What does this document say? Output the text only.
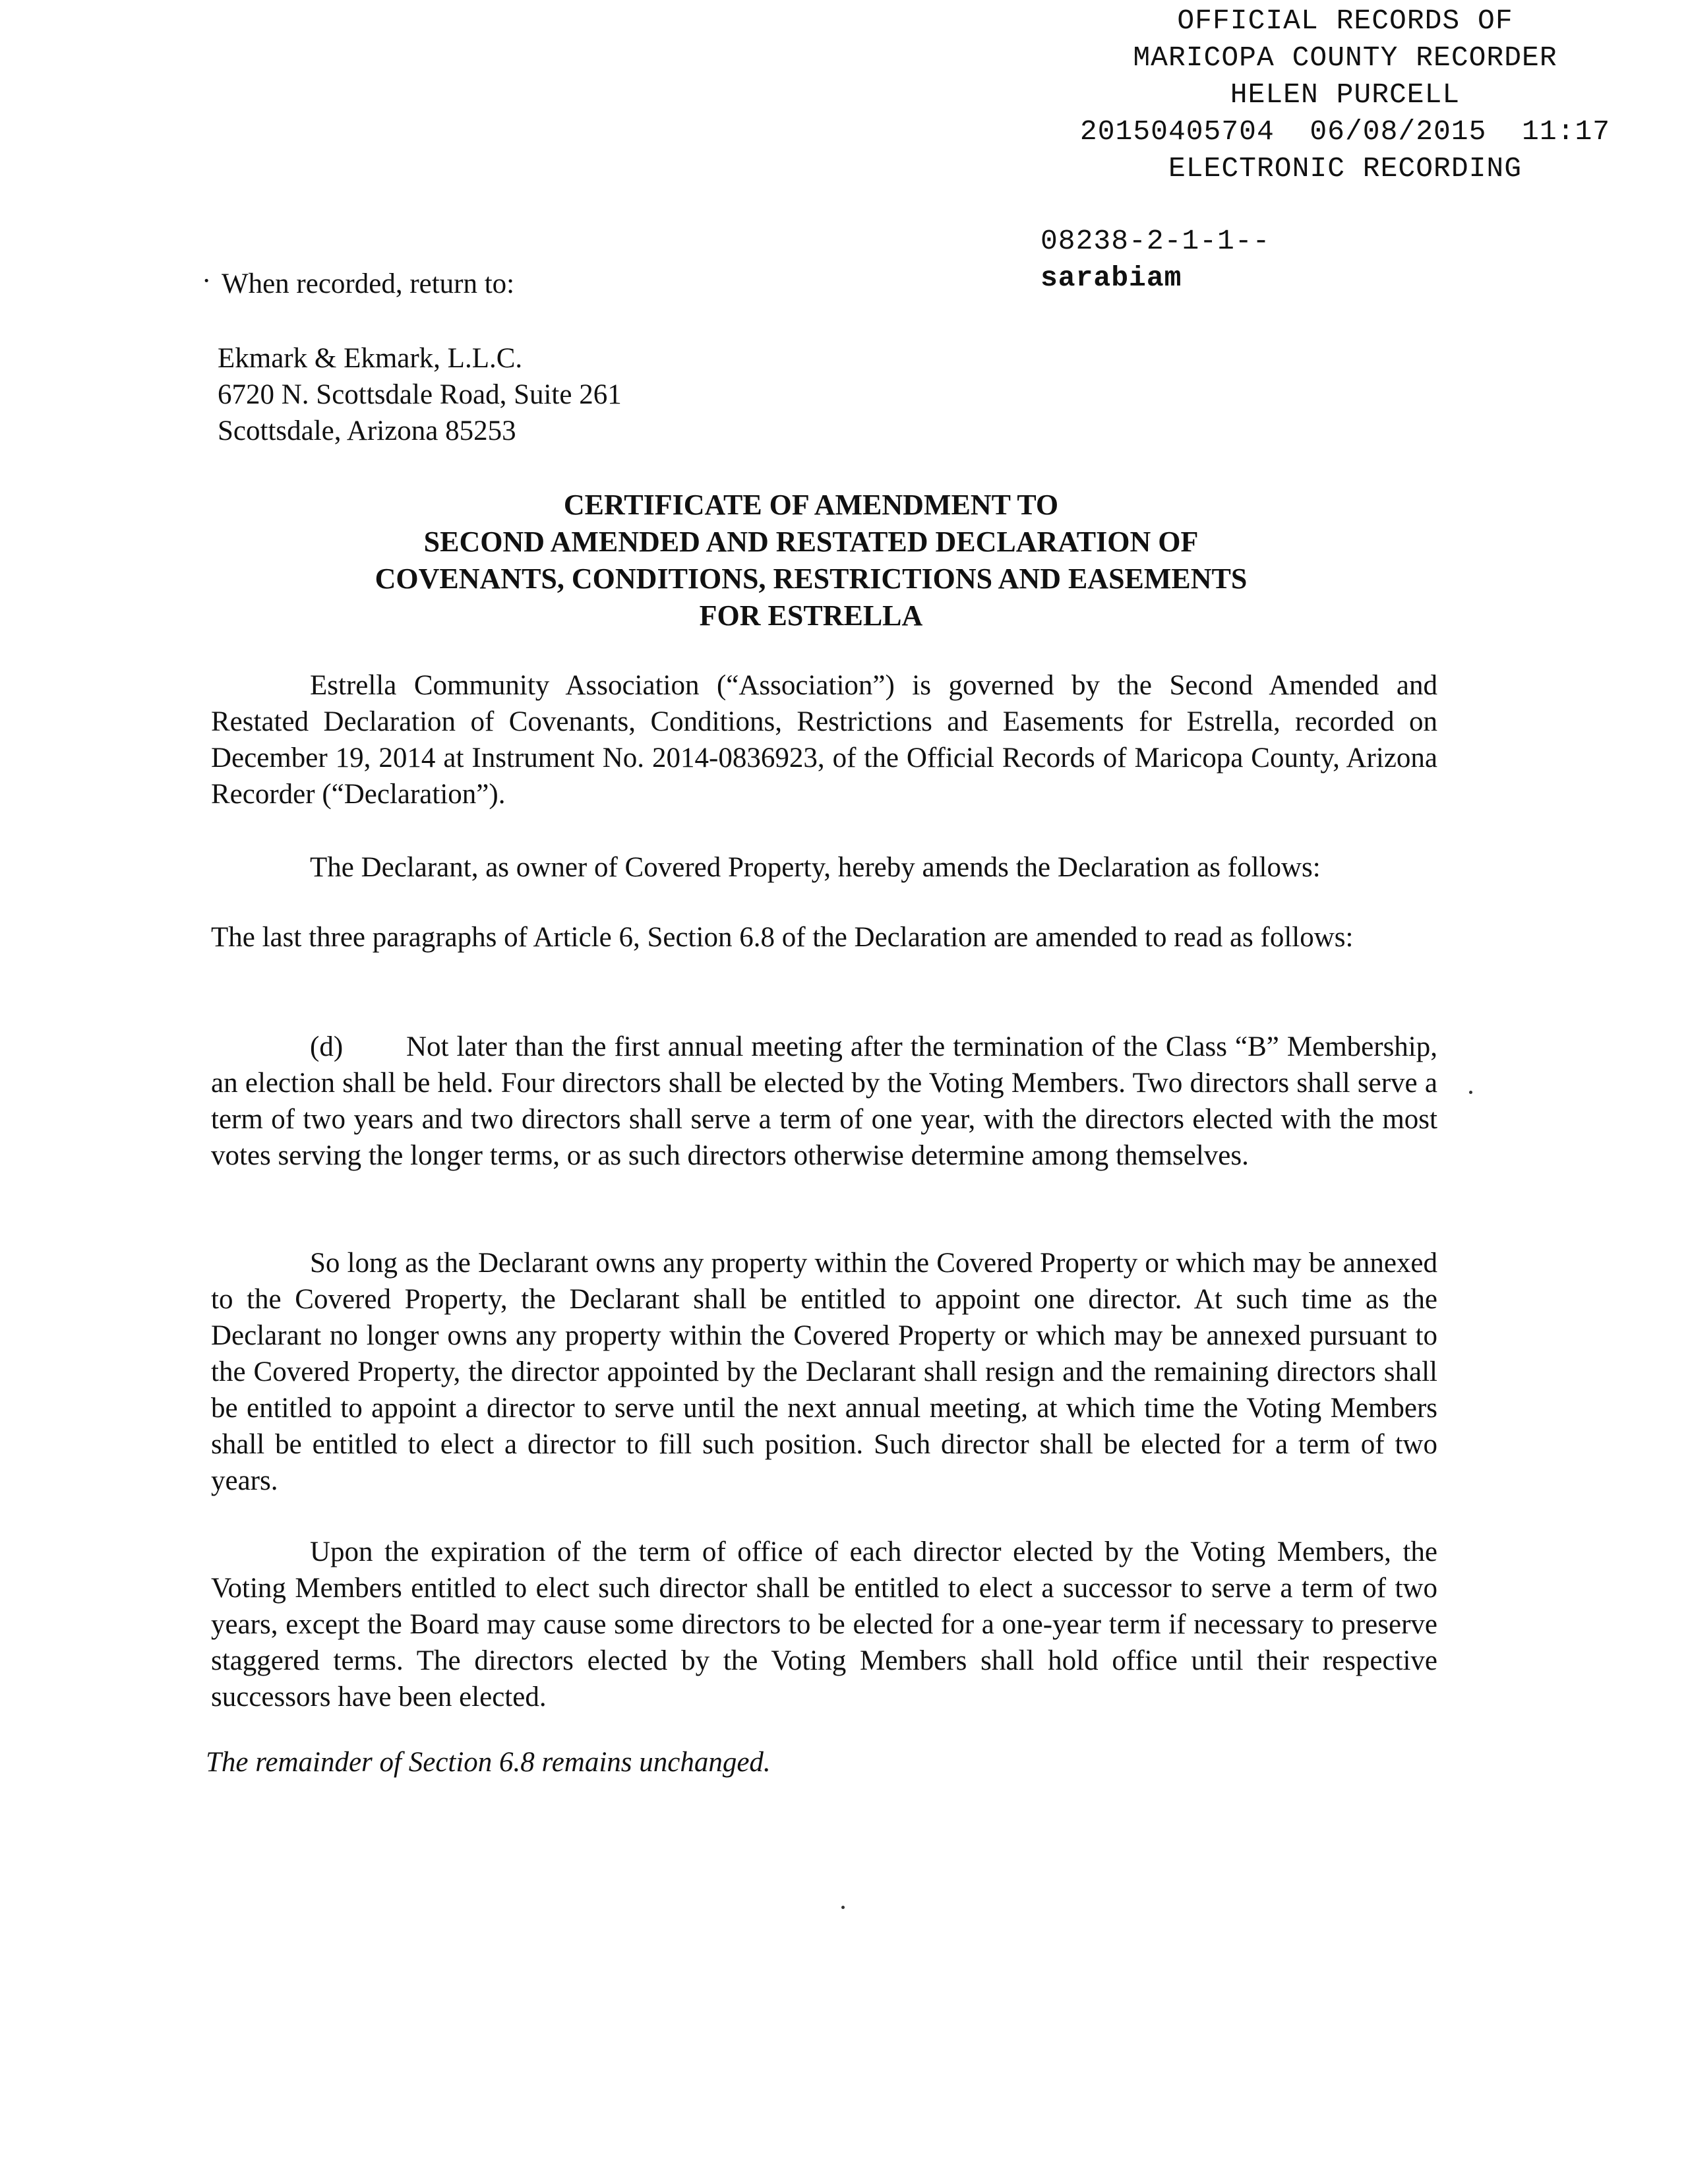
OFFICIAL RECORDS OF
MARICOPA COUNTY RECORDER
HELEN PURCELL
20150405704  06/08/2015  11:17
ELECTRONIC RECORDING
08238-2-1-1--
sarabiam
· When recorded, return to:
Ekmark & Ekmark, L.L.C.
6720 N. Scottsdale Road, Suite 261
Scottsdale, Arizona 85253
CERTIFICATE OF AMENDMENT TO
SECOND AMENDED AND RESTATED DECLARATION OF
COVENANTS, CONDITIONS, RESTRICTIONS AND EASEMENTS
FOR ESTRELLA
Estrella Community Association (“Association”) is governed by the Second Amended and Restated Declaration of Covenants, Conditions, Restrictions and Easements for Estrella, recorded on December 19, 2014 at Instrument No. 2014-0836923, of the Official Records of Maricopa County, Arizona Recorder (“Declaration”).
The Declarant, as owner of Covered Property, hereby amends the Declaration as follows:
The last three paragraphs of Article 6, Section 6.8 of the Declaration are amended to read as follows:
(d) Not later than the first annual meeting after the termination of the Class “B” Membership, an election shall be held. Four directors shall be elected by the Voting Members. Two directors shall serve a term of two years and two directors shall serve a term of one year, with the directors elected with the most votes serving the longer terms, or as such directors otherwise determine among themselves.
So long as the Declarant owns any property within the Covered Property or which may be annexed to the Covered Property, the Declarant shall be entitled to appoint one director. At such time as the Declarant no longer owns any property within the Covered Property or which may be annexed pursuant to the Covered Property, the director appointed by the Declarant shall resign and the remaining directors shall be entitled to appoint a director to serve until the next annual meeting, at which time the Voting Members shall be entitled to elect a director to fill such position. Such director shall be elected for a term of two years.
Upon the expiration of the term of office of each director elected by the Voting Members, the Voting Members entitled to elect such director shall be entitled to elect a successor to serve a term of two years, except the Board may cause some directors to be elected for a one-year term if necessary to preserve staggered terms. The directors elected by the Voting Members shall hold office until their respective successors have been elected.
The remainder of Section 6.8 remains unchanged.
